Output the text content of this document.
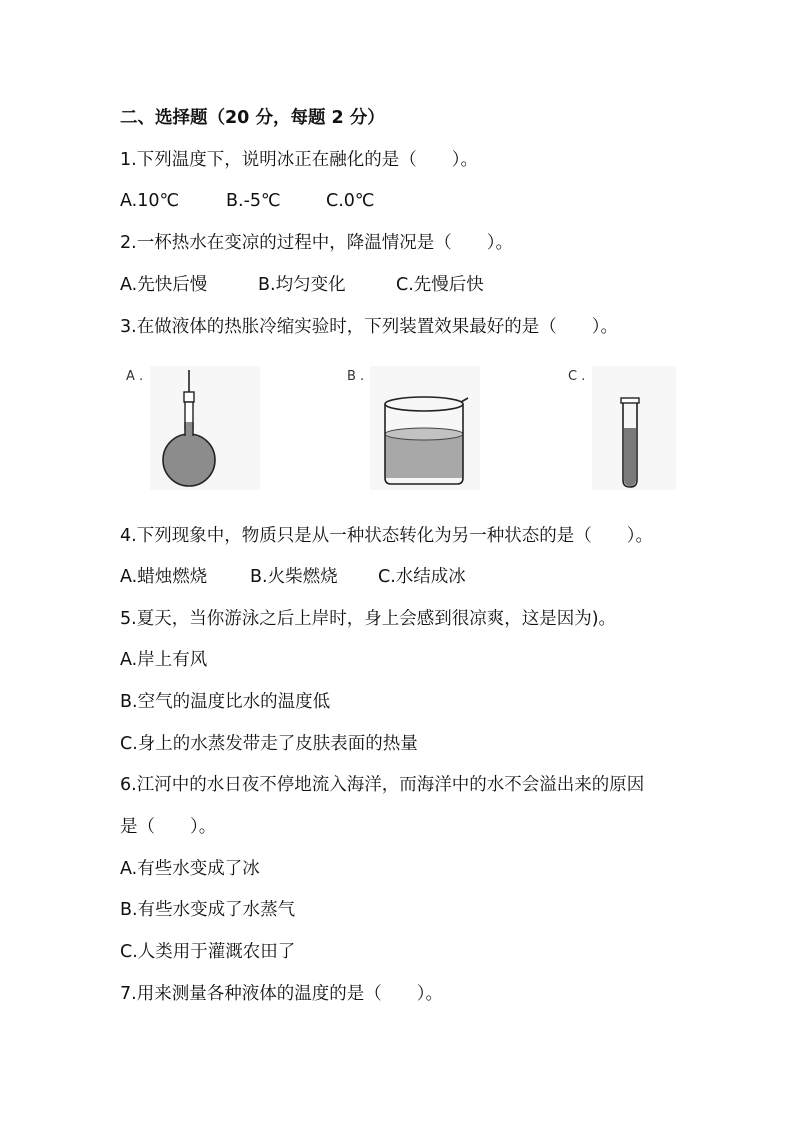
二、选择题（20 分，每题 2 分）
1.下列温度下，说明冰正在融化的是（　　）。
A.10℃	B.-5℃	C.0℃
2.一杯热水在变凉的过程中，降温情况是（　　）。
A.先快后慢	B.均匀变化	C.先慢后快
3.在做液体的热胀冷缩实验时，下列装置效果最好的是（　　）。
A .	B .	C .
4.下列现象中，物质只是从一种状态转化为另一种状态的是（　　）。
A.蜡烛燃烧 B.火柴燃烧 C.水结成冰
5.夏天，当你游泳之后上岸时，身上会感到很凉爽，这是因为)。
A.岸上有风
B.空气的温度比水的温度低
C.身上的水蒸发带走了皮肤表面的热量
6.江河中的水日夜不停地流入海洋，而海洋中的水不会溢出来的原因
是（　　）。
A.有些水变成了冰
B.有些水变成了水蒸气
C.人类用于灌溉农田了
7.用来测量各种液体的温度的是（　　）。
